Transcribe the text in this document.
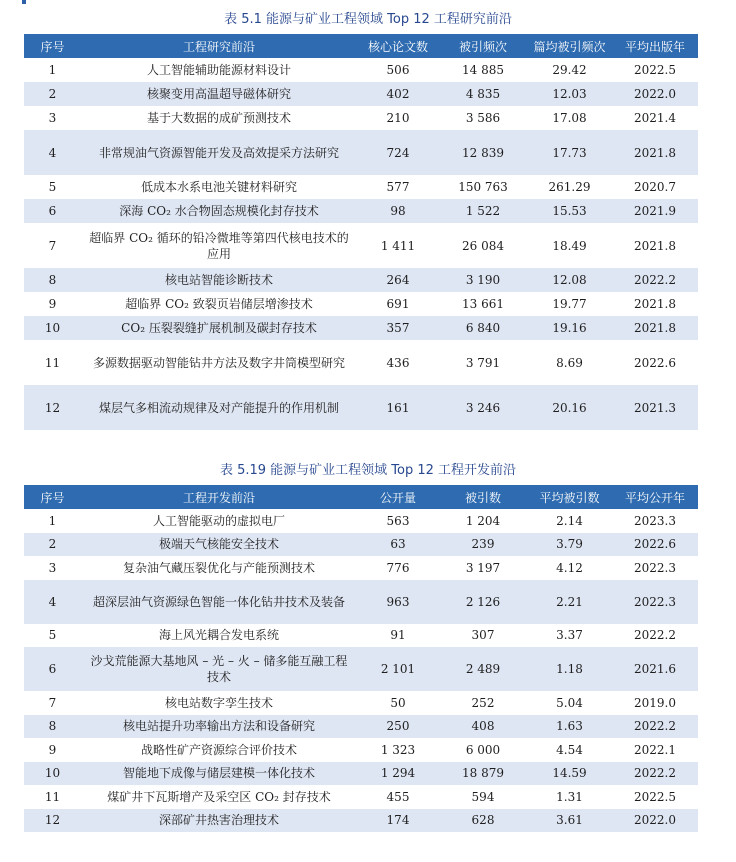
表 5.1 能源与矿业工程领域 Top 12 工程研究前沿
序号	工程研究前沿	核心论文数	被引频次	篇均被引频次	平均出版年
1	人工智能辅助能源材料设计	506	14 885	29.42	2022.5
2	核聚变用高温超导磁体研究	402	4 835	12.03	2022.0
3	基于大数据的成矿预测技术	210	3 586	17.08	2021.4
4	非常规油气资源智能开发及高效提采方法研究	724	12 839	17.73	2021.8
5	低成本水系电池关键材料研究	577	150 763	261.29	2020.7
6	深海 CO₂ 水合物固态规模化封存技术	98	1 522	15.53	2021.9
7	超临界 CO₂ 循环的铅冷微堆等第四代核电技术的应用	1 411	26 084	18.49	2021.8
8	核电站智能诊断技术	264	3 190	12.08	2022.2
9	超临界 CO₂ 致裂页岩储层增渗技术	691	13 661	19.77	2021.8
10	CO₂ 压裂裂缝扩展机制及碳封存技术	357	6 840	19.16	2021.8
11	多源数据驱动智能钻井方法及数字井筒模型研究	436	3 791	8.69	2022.6
12	煤层气多相流动规律及对产能提升的作用机制	161	3 246	20.16	2021.3
表 5.19 能源与矿业工程领域 Top 12 工程开发前沿
序号	工程开发前沿	公开量	被引数	平均被引数	平均公开年
1	人工智能驱动的虚拟电厂	563	1 204	2.14	2023.3
2	极端天气核能安全技术	63	239	3.79	2022.6
3	复杂油气藏压裂优化与产能预测技术	776	3 197	4.12	2022.3
4	超深层油气资源绿色智能一体化钻井技术及装备	963	2 126	2.21	2022.3
5	海上风光耦合发电系统	91	307	3.37	2022.2
6	沙戈荒能源大基地风 – 光 – 火 – 储多能互融工程技术	2 101	2 489	1.18	2021.6
7	核电站数字孪生技术	50	252	5.04	2019.0
8	核电站提升功率输出方法和设备研究	250	408	1.63	2022.2
9	战略性矿产资源综合评价技术	1 323	6 000	4.54	2022.1
10	智能地下成像与储层建模一体化技术	1 294	18 879	14.59	2022.2
11	煤矿井下瓦斯增产及采空区 CO₂ 封存技术	455	594	1.31	2022.5
12	深部矿井热害治理技术	174	628	3.61	2022.0
